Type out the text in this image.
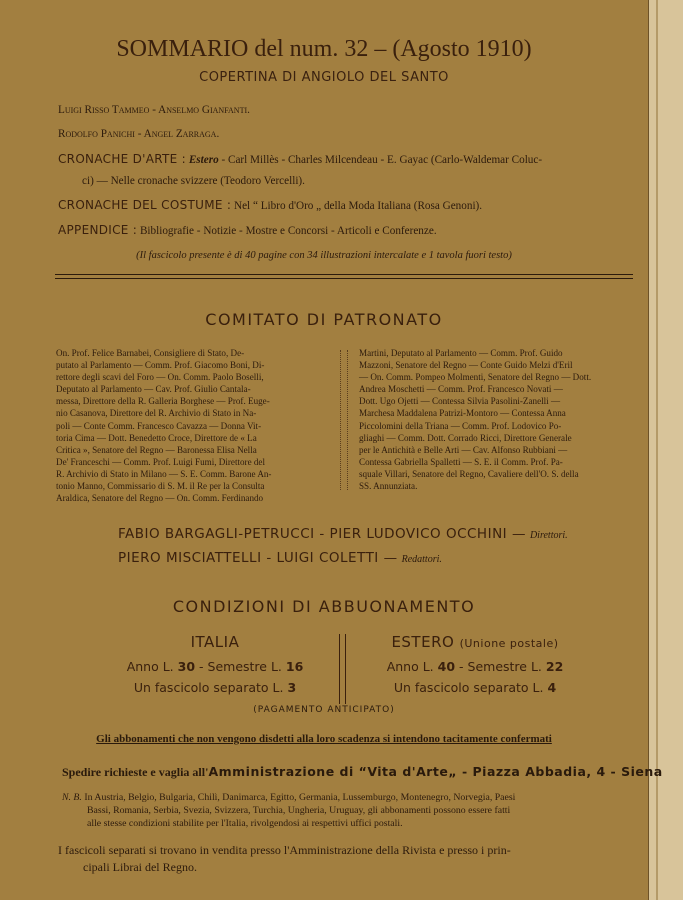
SOMMARIO del num. 32 – (Agosto 1910)
COPERTINA DI ANGIOLO DEL SANTO
Luigi Risso Tammeo - Anselmo Gianfanti.
Rodolfo Panichi - Angel Zarraga.
CRONACHE D'ARTE : Estero - Carl Millès - Charles Milcendeau - E. Gayac (Carlo-Waldemar Coluc-
ci) — Nelle cronache svizzere (Teodoro Vercelli).
CRONACHE DEL COSTUME : Nel “ Libro d'Oro „ della Moda Italiana (Rosa Genoni).
APPENDICE : Bibliografie - Notizie - Mostre e Concorsi - Articoli e Conferenze.
(Il fascicolo presente è di 40 pagine con 34 illustrazioni intercalate e 1 tavola fuori testo)
COMITATO DI PATRONATO
On. Prof. Felice Barnabei, Consigliere di Stato, De-
putato al Parlamento — Comm. Prof. Giacomo Boni, Di-
rettore degli scavi del Foro — On. Comm. Paolo Boselli,
Deputato al Parlamento — Cav. Prof. Giulio Cantala-
messa, Direttore della R. Galleria Borghese — Prof. Euge-
nio Casanova, Direttore del R. Archivio di Stato in Na-
poli — Conte Comm. Francesco Cavazza — Donna Vit-
toria Cima — Dott. Benedetto Croce, Direttore de « La
Critica », Senatore del Regno — Baronessa Elisa Nella
De' Franceschi — Comm. Prof. Luigi Fumi, Direttore del
R. Archivio di Stato in Milano — S. E. Comm. Barone An-
tonio Manno, Commissario di S. M. il Re per la Consulta
Araldica, Senatore del Regno — On. Comm. Ferdinando
Martini, Deputato al Parlamento — Comm. Prof. Guido
Mazzoni, Senatore del Regno — Conte Guido Melzi d'Eril
— On. Comm. Pompeo Molmenti, Senatore del Regno — Dott.
Andrea Moschetti — Comm. Prof. Francesco Novati —
Dott. Ugo Ojetti — Contessa Silvia Pasolini-Zanelli —
Marchesa Maddalena Patrizi-Montoro — Contessa Anna
Piccolomini della Triana — Comm. Prof. Lodovico Po-
gliaghi — Comm. Dott. Corrado Ricci, Direttore Generale
per le Antichità e Belle Arti — Cav. Alfonso Rubbiani —
Contessa Gabriella Spalletti — S. E. il Comm. Prof. Pa-
squale Villari, Senatore del Regno, Cavaliere dell'O. S. della
SS. Annunziata.
FABIO BARGAGLI-PETRUCCI - PIER LUDOVICO OCCHINI — Direttori.
PIERO MISCIATTELLI - LUIGI COLETTI — Redattori.
CONDIZIONI DI ABBUONAMENTO
ITALIA
Anno L. 30 - Semestre L. 16
Un fascicolo separato L. 3
ESTERO (Unione postale)
Anno L. 40 - Semestre L. 22
Un fascicolo separato L. 4
(PAGAMENTO ANTICIPATO)
Gli abbonamenti che non vengono disdetti alla loro scadenza si intendono tacitamente confermati
Spedire richieste e vaglia all'Amministrazione di “Vita d'Arte„ - Piazza Abbadia, 4 - Siena
N. B. In Austria, Belgio, Bulgaria, Chilì, Danimarca, Egitto, Germania, Lussemburgo, Montenegro, Norvegia, Paesi
Bassi, Romania, Serbia, Svezia, Svizzera, Turchia, Ungheria, Uruguay, gli abbonamenti possono essere fatti
alle stesse condizioni stabilite per l'Italia, rivolgendosi ai respettivi uffici postali.
I fascicoli separati si trovano in vendita presso l'Amministrazione della Rivista e presso i prin-
cipali Librai del Regno.
